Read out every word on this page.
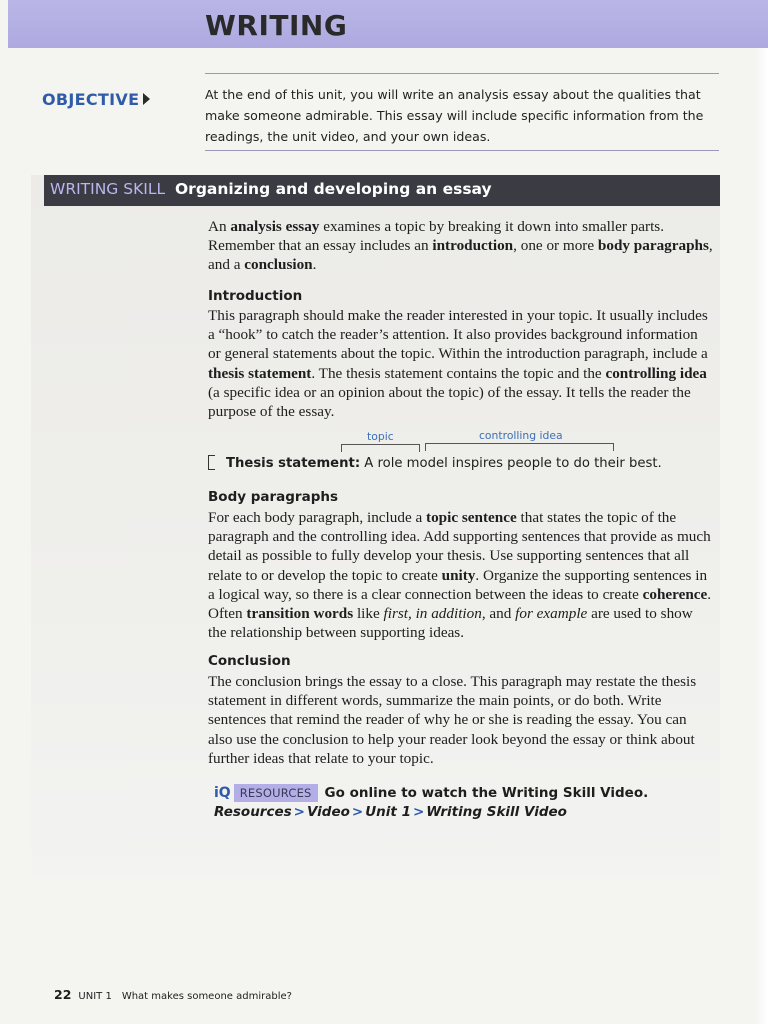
WRITING
OBJECTIVE	At the end of this unit, you will write an analysis essay about the qualities that make someone admirable. This essay will include specific information from the readings, the unit video, and your own ideas.

WRITING SKILL Organizing and developing an essay

An analysis essay examines a topic by breaking it down into smaller parts. Remember that an essay includes an introduction, one or more body paragraphs, and a conclusion.

Introduction

This paragraph should make the reader interested in your topic. It usually includes a “hook” to catch the reader’s attention. It also provides background information or general statements about the topic. Within the introduction paragraph, include a thesis statement. The thesis statement contains the topic and the controlling idea (a specific idea or an opinion about the topic) of the essay. It tells the reader the purpose of the essay.

topic	controlling idea
Thesis statement: A role model inspires people to do their best.
Body paragraphs

For each body paragraph, include a topic sentence that states the topic of the paragraph and the controlling idea. Add supporting sentences that provide as much detail as possible to fully develop your thesis. Use supporting sentences that all relate to or develop the topic to create unity. Organize the supporting sentences in a logical way, so there is a clear connection between the ideas to create coherence. Often transition words like first, in addition, and for example are used to show the relationship between supporting ideas.

Conclusion

The conclusion brings the essay to a close. This paragraph may restate the thesis statement in different words, summarize the main points, or do both. Write sentences that remind the reader of why he or she is reading the essay. You can also use the conclusion to help your reader look beyond the essay or think about further ideas that relate to your topic.

iQ RESOURCES Go online to watch the Writing Skill Video.
Resources > Video > Unit 1 > Writing Skill Video
22 UNIT 1 What makes someone admirable?
